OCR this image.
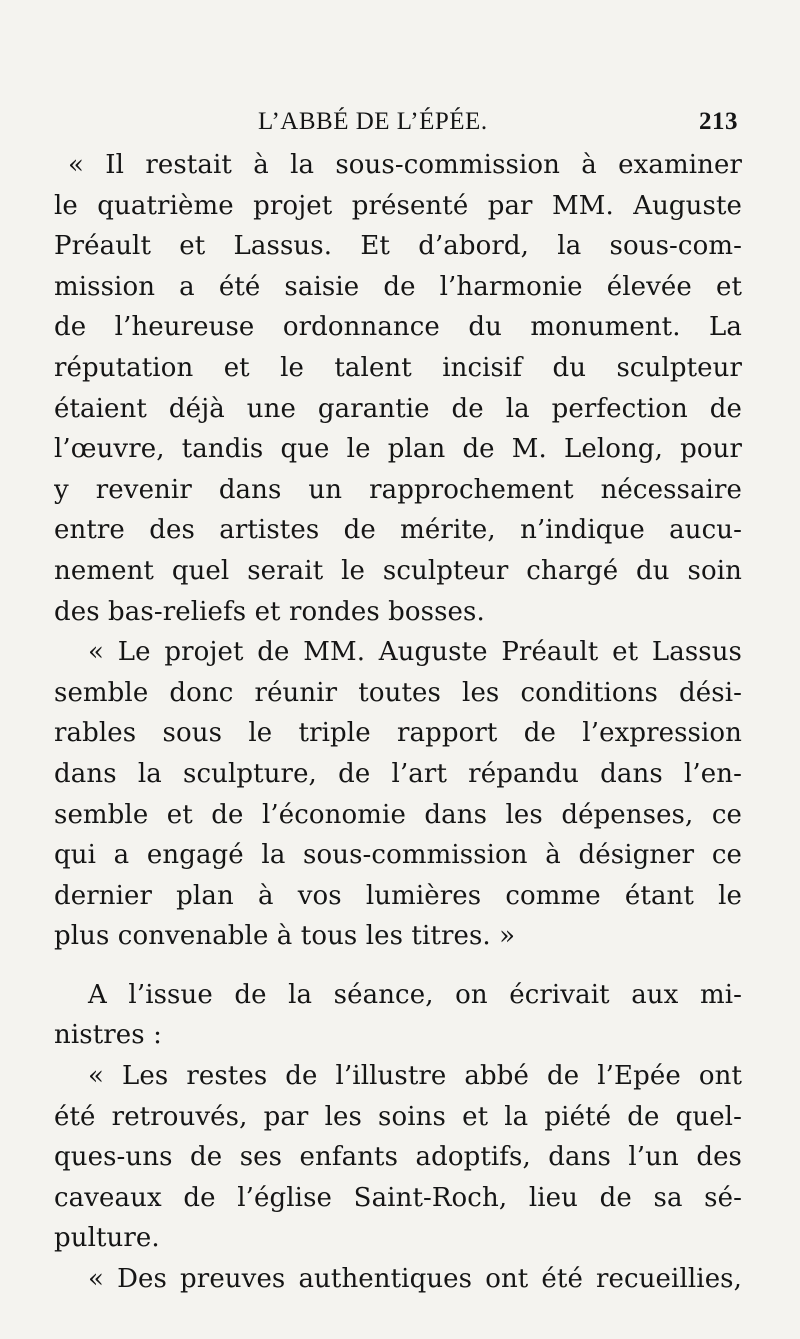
L’ABBÉ DE L’ÉPÉE.	213
« Il restait à la sous-commission à examiner
le quatrième projet présenté par MM. Auguste
Préault et Lassus. Et d’abord, la sous-com-
mission a été saisie de l’harmonie élevée et
de l’heureuse ordonnance du monument. La
réputation et le talent incisif du sculpteur
étaient déjà une garantie de la perfection de
l’œuvre, tandis que le plan de M. Lelong, pour
y revenir dans un rapprochement nécessaire
entre des artistes de mérite, n’indique aucu-
nement quel serait le sculpteur chargé du soin
des bas-reliefs et rondes bosses.
« Le projet de MM. Auguste Préault et Lassus
semble donc réunir toutes les conditions dési-
rables sous le triple rapport de l’expression
dans la sculpture, de l’art répandu dans l’en-
semble et de l’économie dans les dépenses, ce
qui a engagé la sous-commission à désigner ce
dernier plan à vos lumières comme étant le
plus convenable à tous les titres. »
A l’issue de la séance, on écrivait aux mi-
nistres :
« Les restes de l’illustre abbé de l’Epée ont
été retrouvés, par les soins et la piété de quel-
ques-uns de ses enfants adoptifs, dans l’un des
caveaux de l’église Saint-Roch, lieu de sa sé-
pulture.
« Des preuves authentiques ont été recueillies,
